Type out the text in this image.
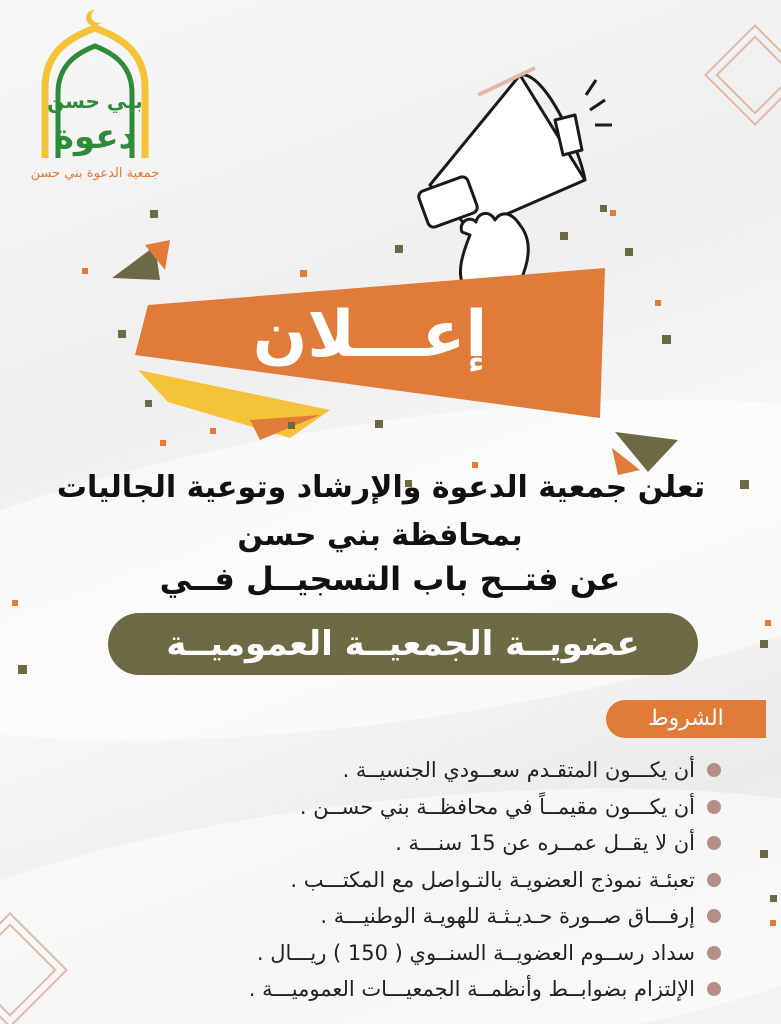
بني حسن
دعوة
جمعية الدعوة بني حسن
إعـــلان
تعلن جمعية الدعوة والإرشاد وتوعية الجاليات
بمحافظة بني حسن
عن فتــح باب التسجيــل فــي
عضويــة الجمعيــة العموميــة
الشروط
أن يكـــون المتقـدم سعــودي الجنسيــة .
أن يكـــون مقيمــاً في محافظــة بني حســن .
أن لا يقــل عمــره عن 15 سنـــة .
تعبئـة نموذج العضويـة بالتـواصل مع المكتـــب .
إرفـــاق صــورة حـديـثـة للهويـة الوطنيـــة .
سداد رســوم العضويــة السنــوي ( 150 ) ريـــال .
الإلتزام بضوابــط وأنظمــة الجمعيـــات العموميـــة .
